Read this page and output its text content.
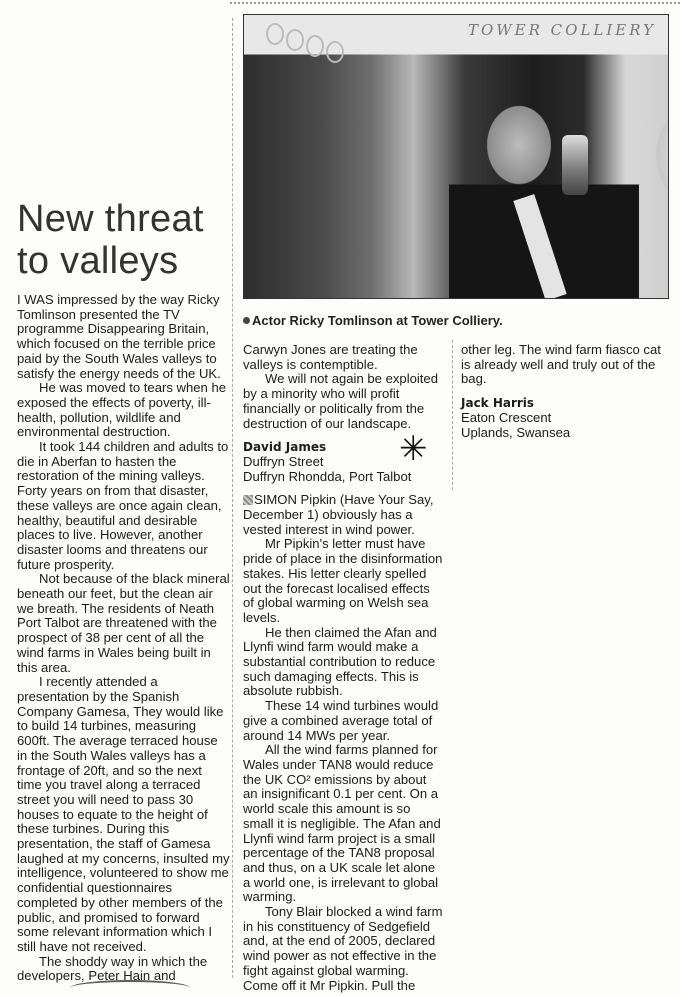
TOWER COLLIERY
Actor Ricky Tomlinson at Tower Colliery.
New threat to valleys

I WAS impressed by the way Ricky Tomlinson presented the TV programme Disappearing Britain, which focused on the terrible price paid by the South Wales valleys to satisfy the energy needs of the UK.

He was moved to tears when he exposed the effects of poverty, ill-health, pollution, wildlife and environmental destruction.

It took 144 children and adults to die in Aberfan to hasten the restoration of the mining valleys. Forty years on from that disaster, these valleys are once again clean, healthy, beautiful and desirable places to live. However, another disaster looms and threatens our future prosperity.

Not because of the black mineral beneath our feet, but the clean air we breath. The residents of Neath Port Talbot are threatened with the prospect of 38 per cent of all the wind farms in Wales being built in this area.

I recently attended a presentation by the Spanish Company Gamesa, They would like to build 14 turbines, measuring 600ft. The average terraced house in the South Wales valleys has a frontage of 20ft, and so the next time you travel along a terraced street you will need to pass 30 houses to equate to the height of these turbines. During this presentation, the staff of Gamesa laughed at my concerns, insulted my intelligence, volunteered to show me confidential questionnaires completed by other members of the public, and promised to forward some relevant information which I still have not received.

The shoddy way in which the developers, Peter Hain and

Carwyn Jones are treating the valleys is contemptible.

We will not again be exploited by a minority who will profit financially or politically from the destruction of our landscape.

David James
Duffryn Street
Duffryn Rhondda, Port Talbot

SIMON Pipkin (Have Your Say, December 1) obviously has a vested interest in wind power.

Mr Pipkin's letter must have pride of place in the disinformation stakes. His letter clearly spelled out the forecast localised effects of global warming on Welsh sea levels.

He then claimed the Afan and Llynfi wind farm would make a substantial contribution to reduce such damaging effects. This is absolute rubbish.

These 14 wind turbines would give a combined average total of around 14 MWs per year.

All the wind farms planned for Wales under TAN8 would reduce the UK CO² emissions by about an insignificant 0.1 per cent. On a world scale this amount is so small it is negligible. The Afan and Llynfi wind farm project is a small percentage of the TAN8 proposal and thus, on a UK scale let alone a world one, is irrelevant to global warming.

Tony Blair blocked a wind farm in his constituency of Sedgefield and, at the end of 2005, declared wind power as not effective in the fight against global warming. Come off it Mr Pipkin. Pull the

✳

other leg. The wind farm fiasco cat is already well and truly out of the bag.

Jack Harris
Eaton Crescent
Uplands, Swansea
